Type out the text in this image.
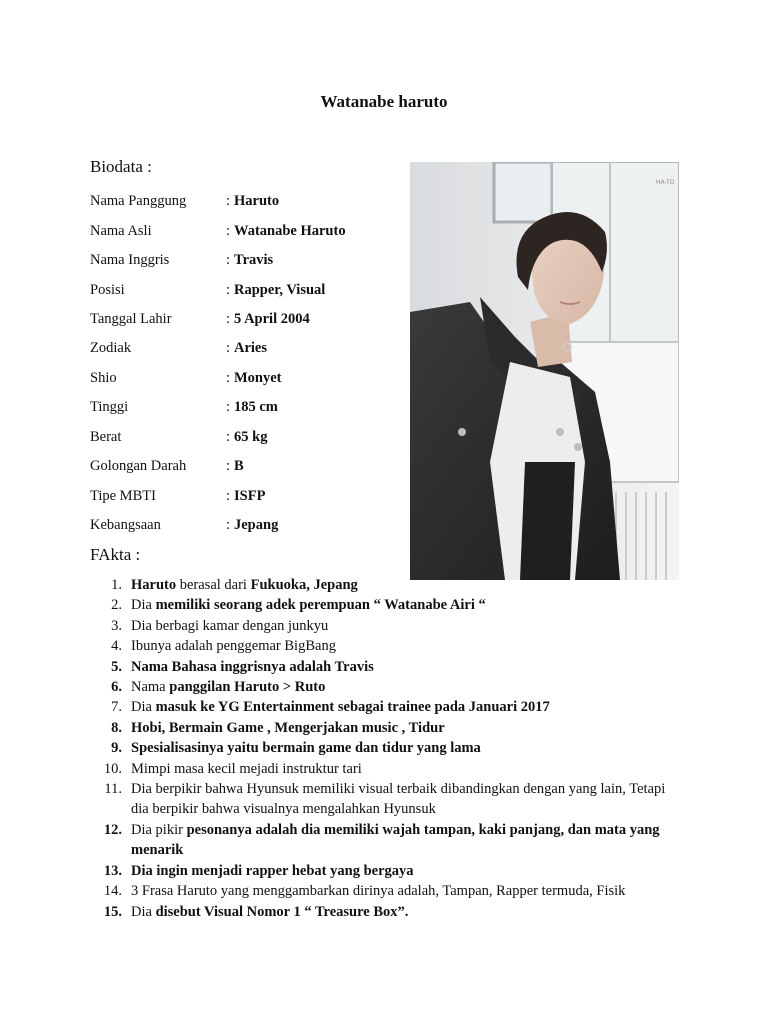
Watanabe haruto
Biodata :
Nama Panggung	: Haruto
Nama Asli	: Watanabe Haruto
Nama Inggris	: Travis
Posisi	: Rapper, Visual
Tanggal Lahir	: 5 April 2004
Zodiak	: Aries
Shio	: Monyet
Tinggi	: 185 cm
Berat	: 65 kg
Golongan Darah	: B
Tipe MBTI	: ISFP
Kebangsaan	: Jepang
HA-TO
FAkta :
1. Haruto berasal dari Fukuoka, Jepang
2. Dia memiliki seorang adek perempuan “ Watanabe Airi “
3. Dia berbagi kamar dengan junkyu
4. Ibunya adalah penggemar BigBang
5. Nama Bahasa inggrisnya adalah Travis
6. Nama panggilan Haruto > Ruto
7. Dia masuk ke YG Entertainment sebagai trainee pada Januari 2017
8. Hobi, Bermain Game , Mengerjakan music , Tidur
9. Spesialisasinya yaitu bermain game dan tidur yang lama
10. Mimpi masa kecil mejadi instruktur tari
11. Dia berpikir bahwa Hyunsuk memiliki visual terbaik dibandingkan dengan yang lain, Tetapi dia berpikir bahwa visualnya mengalahkan Hyunsuk
12. Dia pikir pesonanya adalah dia memiliki wajah tampan, kaki panjang, dan mata yang menarik
13. Dia ingin menjadi rapper hebat yang bergaya
14. 3 Frasa Haruto yang menggambarkan dirinya adalah, Tampan, Rapper termuda, Fisik
15. Dia disebut Visual Nomor 1 “ Treasure Box”.
